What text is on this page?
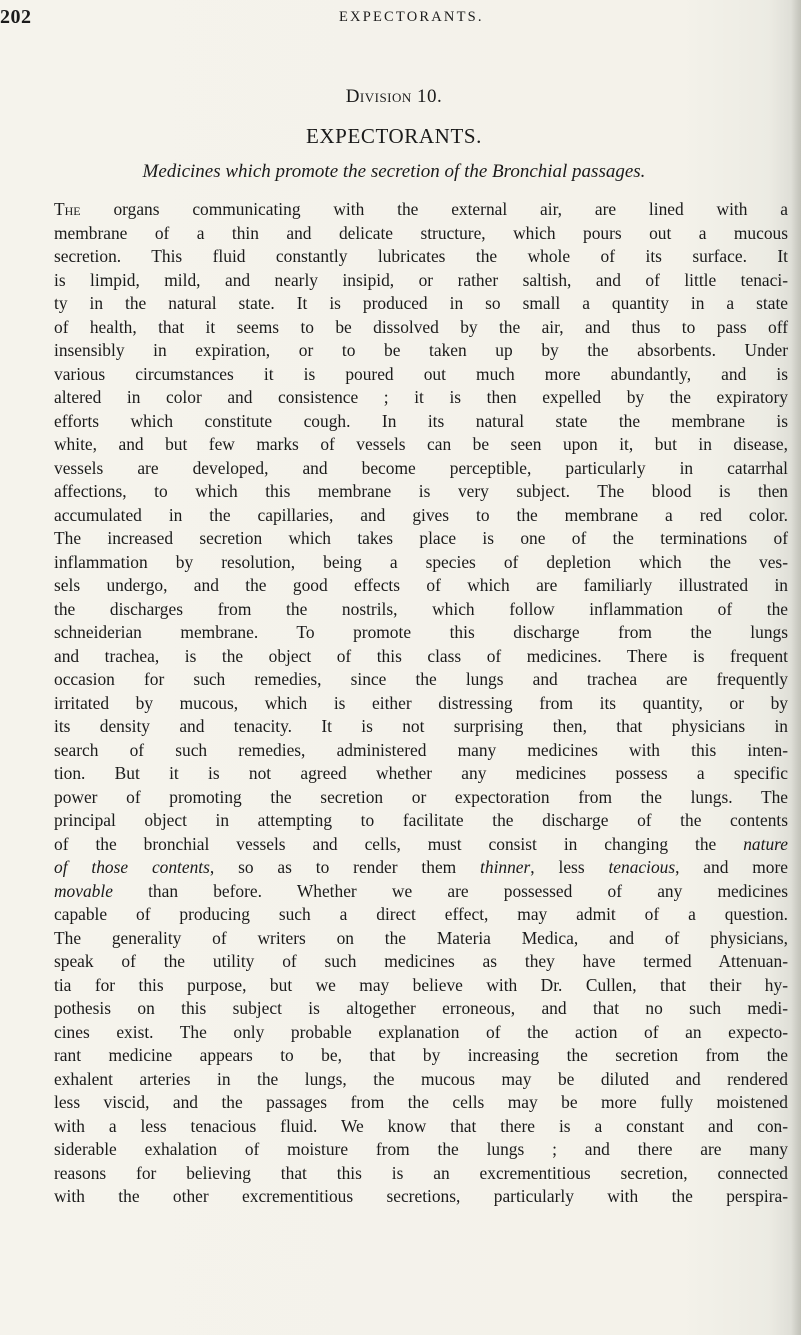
202	EXPECTORANTS.
Division 10.
EXPECTORANTS.
Medicines which promote the secretion of the Bronchial passages.
The organs communicating with the external air, are lined with a
membrane of a thin and delicate structure, which pours out a mucous
secretion. This fluid constantly lubricates the whole of its surface. It
is limpid, mild, and nearly insipid, or rather saltish, and of little tenaci-
ty in the natural state. It is produced in so small a quantity in a state
of health, that it seems to be dissolved by the air, and thus to pass off
insensibly in expiration, or to be taken up by the absorbents. Under
various circumstances it is poured out much more abundantly, and is
altered in color and consistence ; it is then expelled by the expiratory
efforts which constitute cough. In its natural state the membrane is
white, and but few marks of vessels can be seen upon it, but in disease,
vessels are developed, and become perceptible, particularly in catarrhal
affections, to which this membrane is very subject. The blood is then
accumulated in the capillaries, and gives to the membrane a red color.
The increased secretion which takes place is one of the terminations of
inflammation by resolution, being a species of depletion which the ves-
sels undergo, and the good effects of which are familiarly illustrated in
the discharges from the nostrils, which follow inflammation of the
schneiderian membrane. To promote this discharge from the lungs
and trachea, is the object of this class of medicines. There is frequent
occasion for such remedies, since the lungs and trachea are frequently
irritated by mucous, which is either distressing from its quantity, or by
its density and tenacity. It is not surprising then, that physicians in
search of such remedies, administered many medicines with this inten-
tion. But it is not agreed whether any medicines possess a specific
power of promoting the secretion or expectoration from the lungs. The
principal object in attempting to facilitate the discharge of the contents
of the bronchial vessels and cells, must consist in changing the nature
of those contents, so as to render them thinner, less tenacious, and more
movable than before. Whether we are possessed of any medicines
capable of producing such a direct effect, may admit of a question.
The generality of writers on the Materia Medica, and of physicians,
speak of the utility of such medicines as they have termed Attenuan-
tia for this purpose, but we may believe with Dr. Cullen, that their hy-
pothesis on this subject is altogether erroneous, and that no such medi-
cines exist. The only probable explanation of the action of an expecto-
rant medicine appears to be, that by increasing the secretion from the
exhalent arteries in the lungs, the mucous may be diluted and rendered
less viscid, and the passages from the cells may be more fully moistened
with a less tenacious fluid. We know that there is a constant and con-
siderable exhalation of moisture from the lungs ; and there are many
reasons for believing that this is an excrementitious secretion, connected
with the other excrementitious secretions, particularly with the perspira-
